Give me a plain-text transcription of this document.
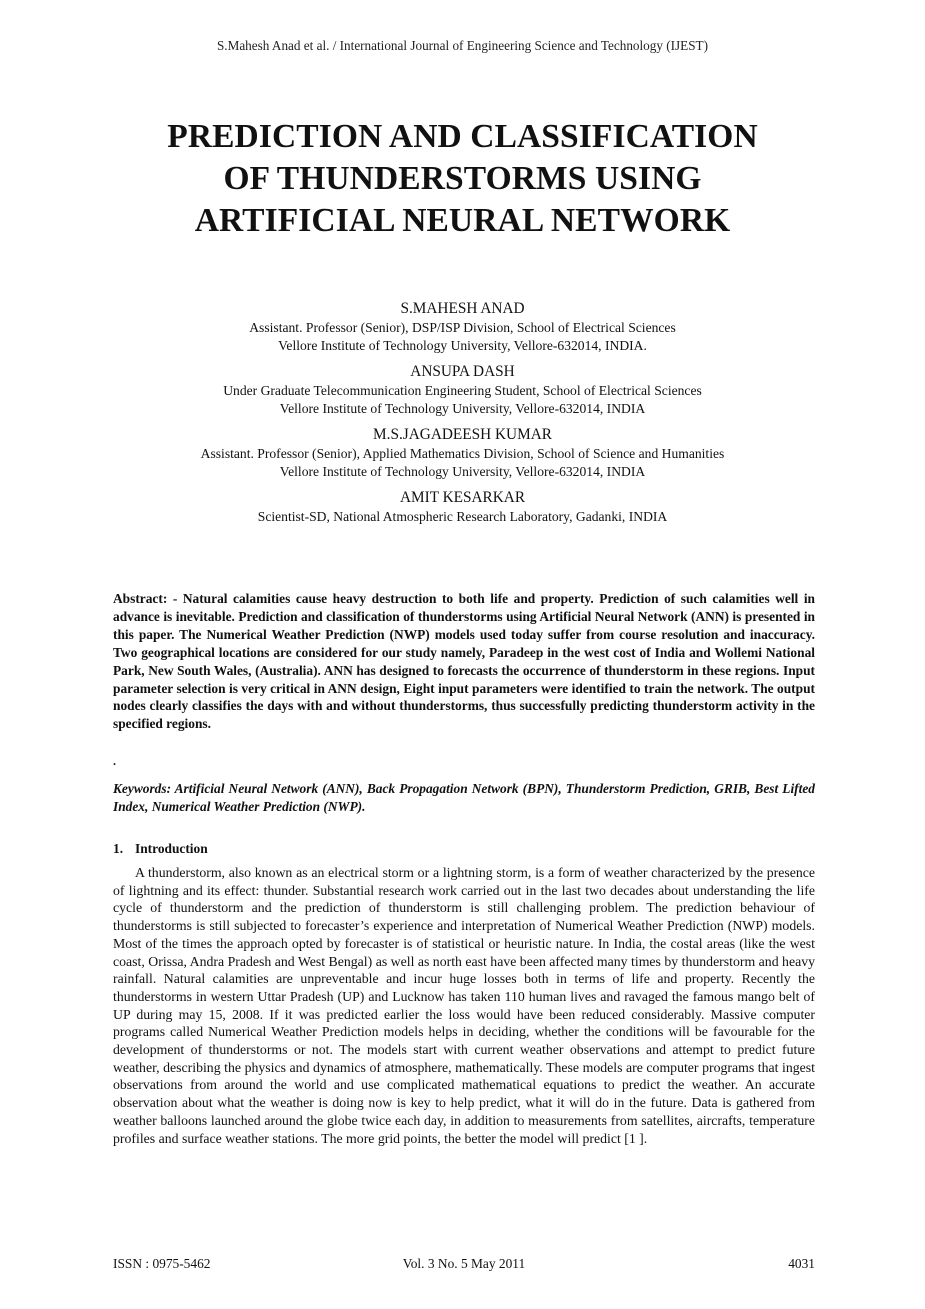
S.Mahesh Anad et al. / International Journal of Engineering Science and Technology (IJEST)
PREDICTION AND CLASSIFICATION
OF THUNDERSTORMS USING
ARTIFICIAL NEURAL NETWORK
S.MAHESH ANAD
Assistant. Professor (Senior), DSP/ISP Division, School of Electrical Sciences
Vellore Institute of Technology University, Vellore-632014, INDIA.
ANSUPA DASH
Under Graduate Telecommunication Engineering Student, School of Electrical Sciences
Vellore Institute of Technology University, Vellore-632014, INDIA
M.S.JAGADEESH KUMAR
Assistant. Professor (Senior), Applied Mathematics Division, School of Science and Humanities
Vellore Institute of Technology University, Vellore-632014, INDIA
AMIT KESARKAR
Scientist-SD, National Atmospheric Research Laboratory, Gadanki, INDIA

Abstract: - Natural calamities cause heavy destruction to both life and property. Prediction of such calamities well in advance is inevitable. Prediction and classification of thunderstorms using Artificial Neural Network (ANN) is presented in this paper. The Numerical Weather Prediction (NWP) models used today suffer from course resolution and inaccuracy. Two geographical locations are considered for our study namely, Paradeep in the west cost of India and Wollemi National Park, New South Wales, (Australia). ANN has designed to forecasts the occurrence of thunderstorm in these regions. Input parameter selection is very critical in ANN design, Eight input parameters were identified to train the network. The output nodes clearly classifies the days with and without thunderstorms, thus successfully predicting thunderstorm activity in the specified regions.

.

Keywords: Artificial Neural Network (ANN), Back Propagation Network (BPN), Thunderstorm Prediction, GRIB, Best Lifted Index, Numerical Weather Prediction (NWP).

1. Introduction

A thunderstorm, also known as an electrical storm or a lightning storm, is a form of weather characterized by the presence of lightning and its effect: thunder. Substantial research work carried out in the last two decades about understanding the life cycle of thunderstorm and the prediction of thunderstorm is still challenging problem. The prediction behaviour of thunderstorms is still subjected to forecaster’s experience and interpretation of Numerical Weather Prediction (NWP) models. Most of the times the approach opted by forecaster is of statistical or heuristic nature. In India, the costal areas (like the west coast, Orissa, Andra Pradesh and West Bengal) as well as north east have been affected many times by thunderstorm and heavy rainfall. Natural calamities are unpreventable and incur huge losses both in terms of life and property. Recently the thunderstorms in western Uttar Pradesh (UP) and Lucknow has taken 110 human lives and ravaged the famous mango belt of UP during may 15, 2008. If it was predicted earlier the loss would have been reduced considerably. Massive computer programs called Numerical Weather Prediction models helps in deciding, whether the conditions will be favourable for the development of thunderstorms or not. The models start with current weather observations and attempt to predict future weather, describing the physics and dynamics of atmosphere, mathematically. These models are computer programs that ingest observations from around the world and use complicated mathematical equations to predict the weather. An accurate observation about what the weather is doing now is key to help predict, what it will do in the future. Data is gathered from weather balloons launched around the globe twice each day, in addition to measurements from satellites, aircrafts, temperature profiles and surface weather stations. The more grid points, the better the model will predict [1 ].

ISSN : 0975-5462	Vol. 3 No. 5 May 2011	4031
